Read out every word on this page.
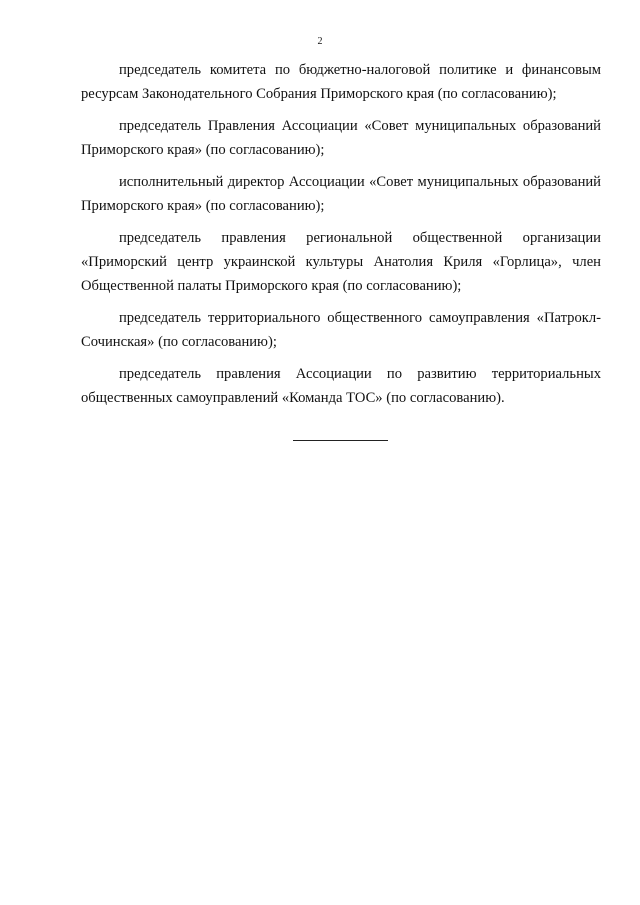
2

председатель комитета по бюджетно-налоговой политике и финансовым ресурсам Законодательного Собрания Приморского края (по согласованию);

председатель Правления Ассоциации «Совет муниципальных образований Приморского края» (по согласованию);

исполнительный директор Ассоциации «Совет муниципальных образований Приморского края» (по согласованию);

председатель правления региональной общественной организации «Приморский центр украинской культуры Анатолия Криля «Горлица», член Общественной палаты Приморского края (по согласованию);

председатель территориального общественного самоуправления «Патрокл-Сочинская» (по согласованию);

председатель правления Ассоциации по развитию территориальных общественных самоуправлений «Команда ТОС» (по согласованию).
